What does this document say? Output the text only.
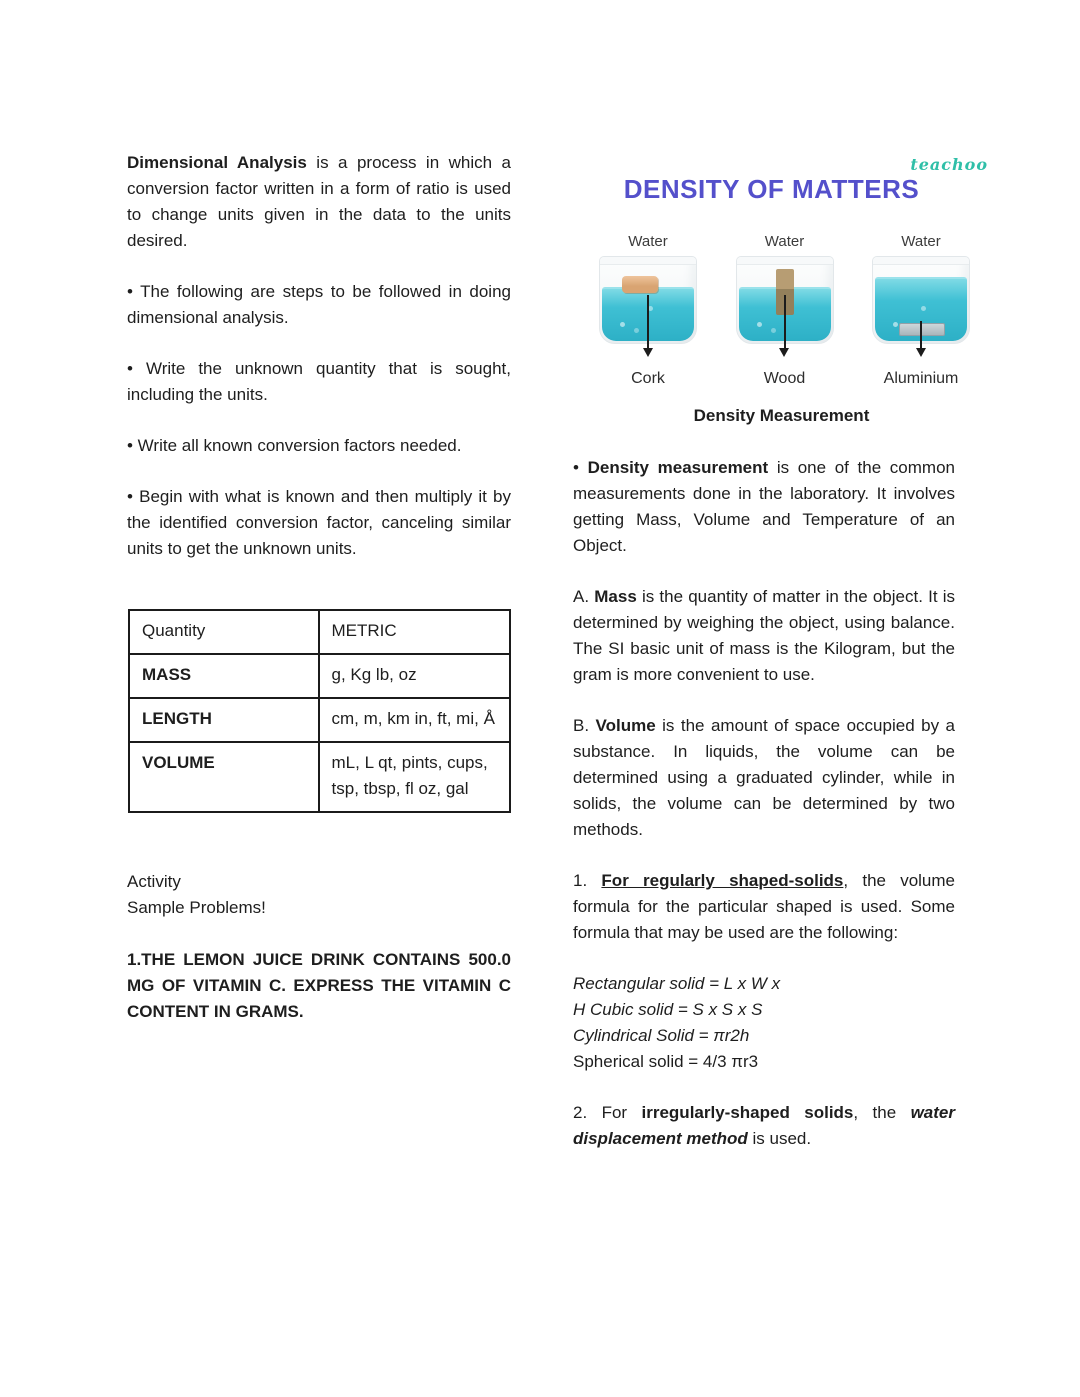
Dimensional Analysis is a process in which a conversion factor written in a form of ratio is used to change units given in the data to the units desired.

• The following are steps to be followed in doing dimensional analysis.

• Write the unknown quantity that is sought, including the units.

• Write all known conversion factors needed.

• Begin with what is known and then multiply it by the identified conversion factor, canceling similar units to get the unknown units.

Quantity	METRIC
MASS	g, Kg lb, oz
LENGTH	cm, m, km in, ft, mi, Å

VOLUME	mL, L qt, pints, cups, tsp, tbsp, fl oz, gal
Activity
Sample Problems!

1.THE LEMON JUICE DRINK CONTAINS 500.0 MG OF VITAMIN C. EXPRESS THE VITAMIN C CONTENT IN GRAMS.

teachoo
DENSITY OF MATTERS
Water
Cork
Water
Wood
Water
Aluminium
Density Measurement

• Density measurement is one of the common measurements done in the laboratory. It involves getting Mass, Volume and Temperature of an Object.

A. Mass is the quantity of matter in the object. It is determined by weighing the object, using balance. The SI basic unit of mass is the Kilogram, but the gram is more convenient to use.

B. Volume is the amount of space occupied by a substance. In liquids, the volume can be determined using a graduated cylinder, while in solids, the volume can be determined by two methods.

1. For regularly shaped-solids, the volume formula for the particular shaped is used. Some formula that may be used are the following:

Rectangular solid = L x W x
H Cubic solid = S x S x S
Cylindrical Solid = πr2h
Spherical solid = 4/3 πr3

2. For irregularly-shaped solids, the water displacement method is used.
